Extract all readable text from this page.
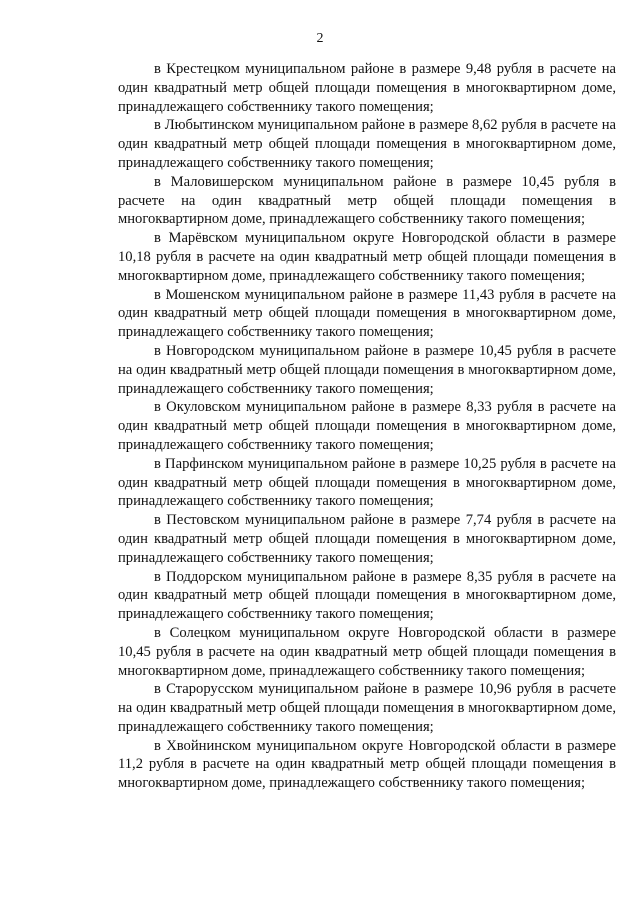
2

в Крестецком муниципальном районе в размере 9,48 рубля в расчете на один квадратный метр общей площади помещения в многоквартирном доме, принадлежащего собственнику такого помещения;

в Любытинском муниципальном районе в размере 8,62 рубля в расчете на один квадратный метр общей площади помещения в многоквартирном доме, принадлежащего собственнику такого помещения;

в Маловишерском муниципальном районе в размере 10,45 рубля в расчете на один квадратный метр общей площади помещения в многоквартирном доме, принадлежащего собственнику такого помещения;

в Марёвском муниципальном округе Новгородской области в размере 10,18 рубля в расчете на один квадратный метр общей площади помещения в многоквартирном доме, принадлежащего собственнику такого помещения;

в Мошенском муниципальном районе в размере 11,43 рубля в расчете на один квадратный метр общей площади помещения в многоквартирном доме, принадлежащего собственнику такого помещения;

в Новгородском муниципальном районе в размере 10,45 рубля в расчете на один квадратный метр общей площади помещения в многоквартирном доме, принадлежащего собственнику такого помещения;

в Окуловском муниципальном районе в размере 8,33 рубля в расчете на один квадратный метр общей площади помещения в многоквартирном доме, принадлежащего собственнику такого помещения;

в Парфинском муниципальном районе в размере 10,25 рубля в расчете на один квадратный метр общей площади помещения в многоквартирном доме, принадлежащего собственнику такого помещения;

в Пестовском муниципальном районе в размере 7,74 рубля в расчете на один квадратный метр общей площади помещения в многоквартирном доме, принадлежащего собственнику такого помещения;

в Поддорском муниципальном районе в размере 8,35 рубля в расчете на один квадратный метр общей площади помещения в многоквартирном доме, принадлежащего собственнику такого помещения;

в Солецком муниципальном округе Новгородской области в размере 10,45 рубля в расчете на один квадратный метр общей площади помещения в многоквартирном доме, принадлежащего собственнику такого помещения;

в Старорусском муниципальном районе в размере 10,96 рубля в расчете на один квадратный метр общей площади помещения в многоквартирном доме, принадлежащего собственнику такого помещения;

в Хвойнинском муниципальном округе Новгородской области в размере 11,2 рубля в расчете на один квадратный метр общей площади помещения в многоквартирном доме, принадлежащего собственнику такого помещения;
